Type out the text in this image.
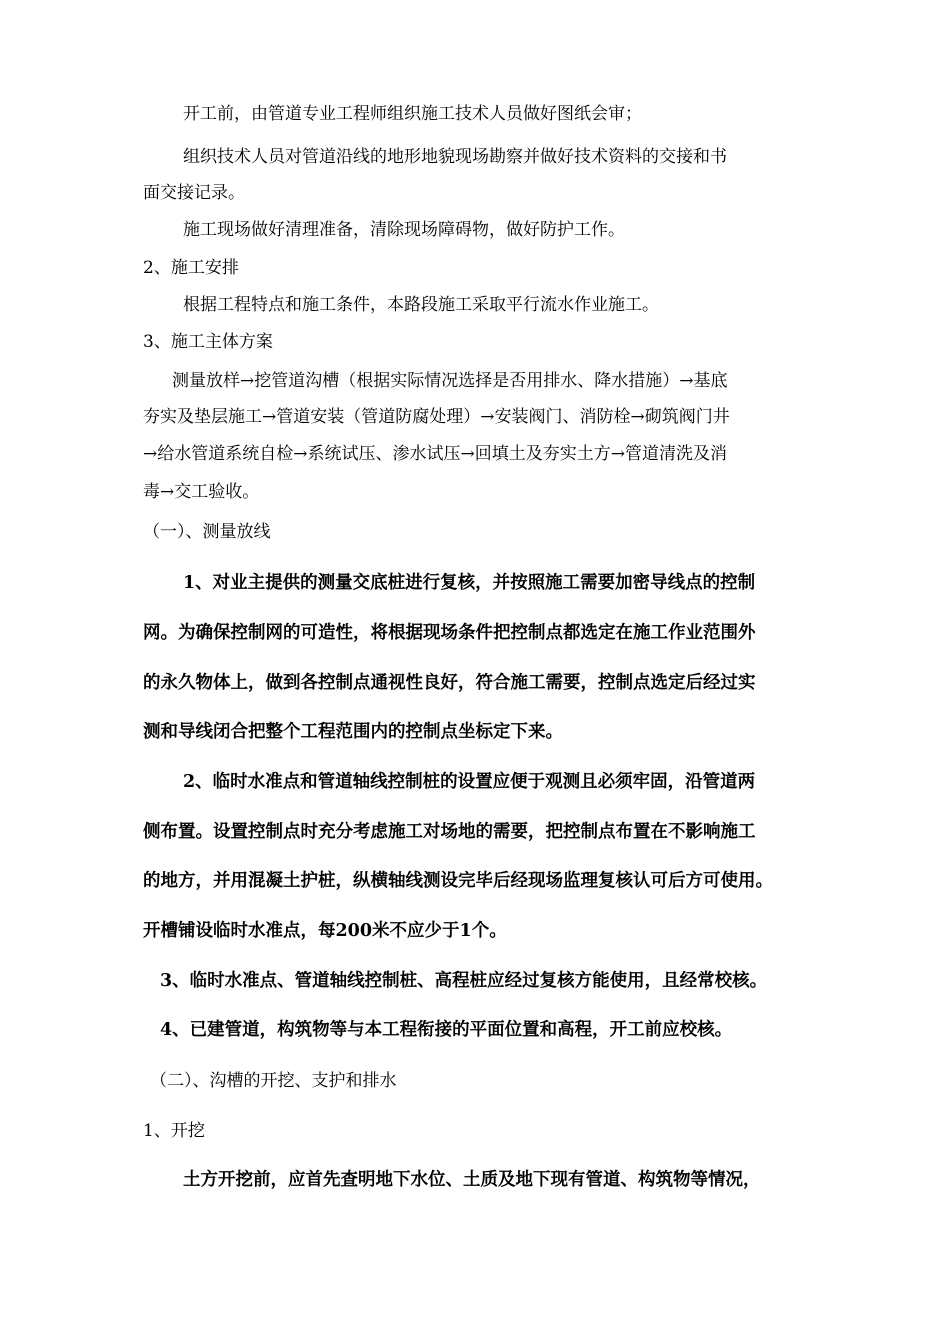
开工前，由管道专业工程师组织施工技术人员做好图纸会审；

组织技术人员对管道沿线的地形地貌现场勘察并做好技术资料的交接和书

面交接记录。

施工现场做好清理准备，清除现场障碍物，做好防护工作。

2、施工安排

根据工程特点和施工条件，本路段施工采取平行流水作业施工。

3、施工主体方案

测量放样→挖管道沟槽（根据实际情况选择是否用排水、降水措施）→基底

夯实及垫层施工→管道安装（管道防腐处理）→安装阀门、消防栓→砌筑阀门井

→给水管道系统自检→系统试压、渗水试压→回填土及夯实土方→管道清洗及消

毒→交工验收。

（一）、测量放线

1、对业主提供的测量交底桩进行复核，并按照施工需要加密导线点的控制

网。为确保控制网的可造性，将根据现场条件把控制点都选定在施工作业范围外

的永久物体上，做到各控制点通视性良好，符合施工需要，控制点选定后经过实

测和导线闭合把整个工程范围内的控制点坐标定下来。

2、临时水准点和管道轴线控制桩的设置应便于观测且必须牢固，沿管道两

侧布置。设置控制点时充分考虑施工对场地的需要，把控制点布置在不影响施工

的地方，并用混凝土护桩，纵横轴线测设完毕后经现场监理复核认可后方可使用。

开槽铺设临时水准点，每200米不应少于1个。

3、临时水准点、管道轴线控制桩、高程桩应经过复核方能使用，且经常校核。

4、已建管道，构筑物等与本工程衔接的平面位置和高程，开工前应校核。

（二）、沟槽的开挖、支护和排水

1、开挖

土方开挖前，应首先查明地下水位、土质及地下现有管道、构筑物等情况，
